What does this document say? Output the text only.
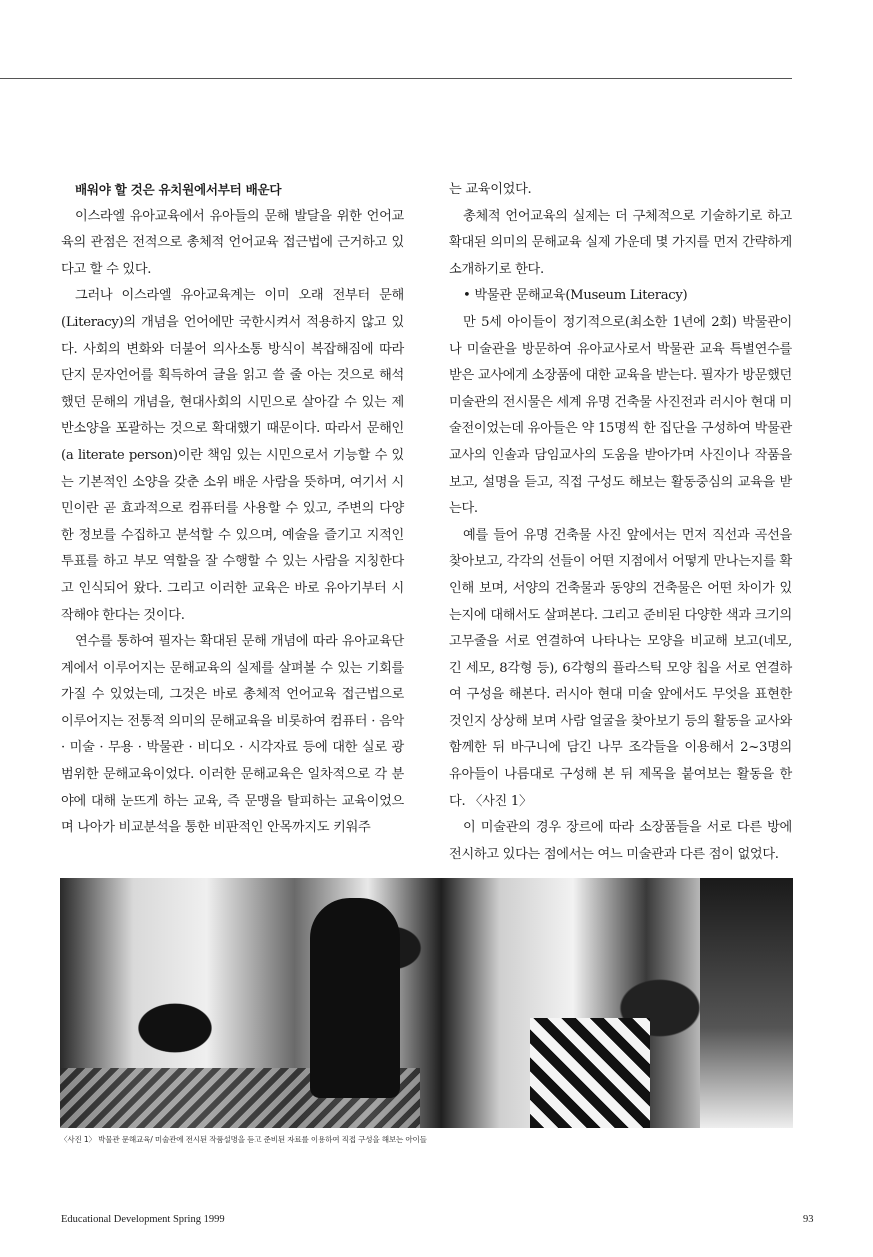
배워야 할 것은 유치원에서부터 배운다

이스라엘 유아교육에서 유아들의 문해 발달을 위한 언어교육의 관점은 전적으로 총체적 언어교육 접근법에 근거하고 있다고 할 수 있다.

그러나 이스라엘 유아교육계는 이미 오래 전부터 문해(Literacy)의 개념을 언어에만 국한시켜서 적용하지 않고 있다. 사회의 변화와 더불어 의사소통 방식이 복잡해짐에 따라 단지 문자언어를 획득하여 글을 읽고 쓸 줄 아는 것으로 해석했던 문해의 개념을, 현대사회의 시민으로 살아갈 수 있는 제반소양을 포괄하는 것으로 확대했기 때문이다. 따라서 문해인(a literate person)이란 책임 있는 시민으로서 기능할 수 있는 기본적인 소양을 갖춘 소위 배운 사람을 뜻하며, 여기서 시민이란 곧 효과적으로 컴퓨터를 사용할 수 있고, 주변의 다양한 정보를 수집하고 분석할 수 있으며, 예술을 즐기고 지적인 투표를 하고 부모 역할을 잘 수행할 수 있는 사람을 지칭한다고 인식되어 왔다. 그리고 이러한 교육은 바로 유아기부터 시작해야 한다는 것이다.

연수를 통하여 필자는 확대된 문해 개념에 따라 유아교육단계에서 이루어지는 문해교육의 실제를 살펴볼 수 있는 기회를 가질 수 있었는데, 그것은 바로 총체적 언어교육 접근법으로 이루어지는 전통적 의미의 문해교육을 비롯하여 컴퓨터 · 음악 · 미술 · 무용 · 박물관 · 비디오 · 시각자료 등에 대한 실로 광범위한 문해교육이었다. 이러한 문해교육은 일차적으로 각 분야에 대해 눈뜨게 하는 교육, 즉 문맹을 탈피하는 교육이었으며 나아가 비교분석을 통한 비판적인 안목까지도 키워주

는 교육이었다.

총체적 언어교육의 실제는 더 구체적으로 기술하기로 하고 확대된 의미의 문해교육 실제 가운데 몇 가지를 먼저 간략하게 소개하기로 한다.

• 박물관 문해교육(Museum Literacy)

만 5세 아이들이 정기적으로(최소한 1년에 2회) 박물관이나 미술관을 방문하여 유아교사로서 박물관 교육 특별연수를 받은 교사에게 소장품에 대한 교육을 받는다. 필자가 방문했던 미술관의 전시물은 세계 유명 건축물 사진전과 러시아 현대 미술전이었는데 유아들은 약 15명씩 한 집단을 구성하여 박물관 교사의 인솔과 담임교사의 도움을 받아가며 사진이나 작품을 보고, 설명을 듣고, 직접 구성도 해보는 활동중심의 교육을 받는다.

예를 들어 유명 건축물 사진 앞에서는 먼저 직선과 곡선을 찾아보고, 각각의 선들이 어떤 지점에서 어떻게 만나는지를 확인해 보며, 서양의 건축물과 동양의 건축물은 어떤 차이가 있는지에 대해서도 살펴본다. 그리고 준비된 다양한 색과 크기의 고무줄을 서로 연결하여 나타나는 모양을 비교해 보고(네모, 긴 세모, 8각형 등), 6각형의 플라스틱 모양 칩을 서로 연결하여 구성을 해본다. 러시아 현대 미술 앞에서도 무엇을 표현한 것인지 상상해 보며 사람 얼굴을 찾아보기 등의 활동을 교사와 함께한 뒤 바구니에 담긴 나무 조각들을 이용해서 2~3명의 유아들이 나름대로 구성해 본 뒤 제목을 붙여보는 활동을 한다. 〈사진 1〉

이 미술관의 경우 장르에 따라 소장품들을 서로 다른 방에 전시하고 있다는 점에서는 여느 미술관과 다른 점이 없었다.

〈사진 1〉 박물관 문해교육/ 미술관에 전시된 작품설명을 듣고 준비된 자료를 이용하여 직접 구성을 해보는 아이들
Educational Development Spring 1999	93
